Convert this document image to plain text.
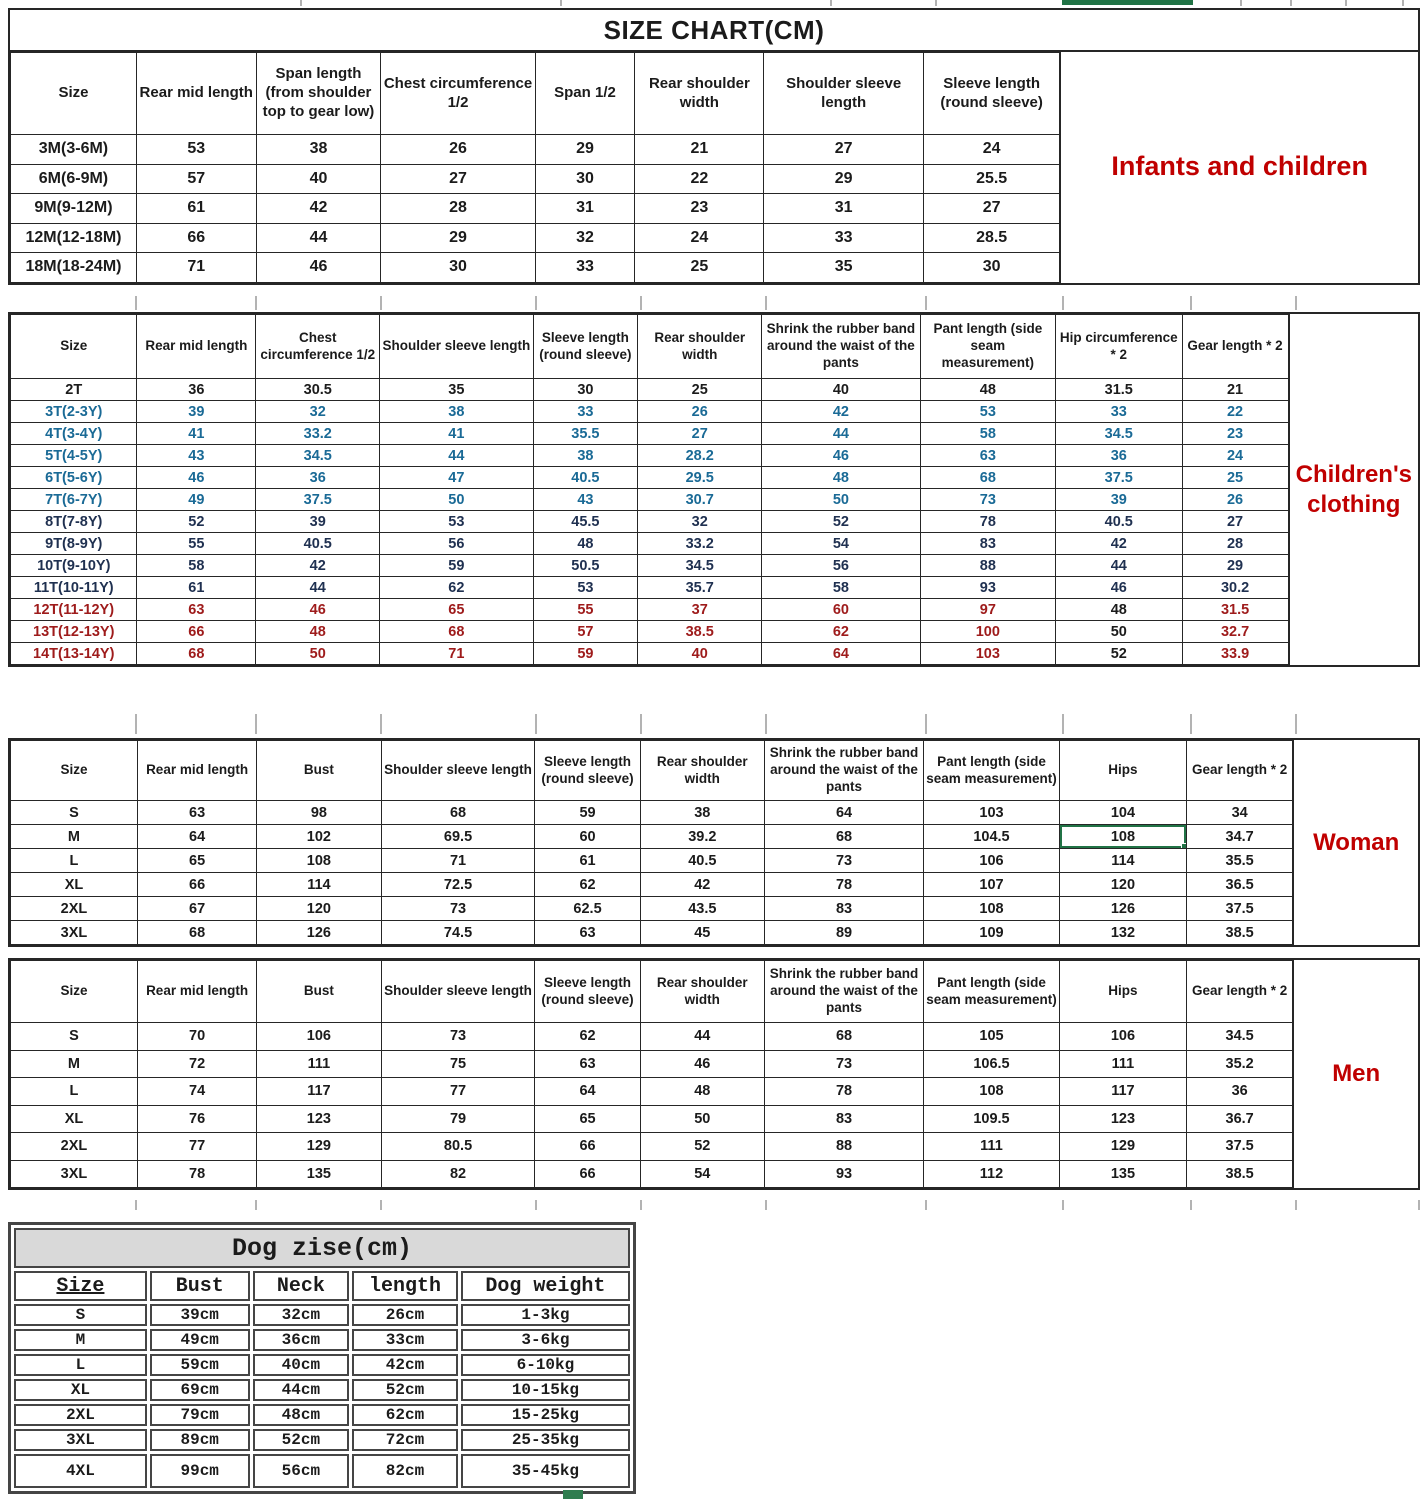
SIZE CHART(CM)
Size	Rear mid length	Span length (from shoulder top to gear low)	Chest circumference 1/2	Span 1/2	Rear shoulder width	Shoulder sleeve length	Sleeve length (round sleeve)
3M(3-6M)	53	38	26	29	21	27	24
6M(6-9M)	57	40	27	30	22	29	25.5
9M(9-12M)	61	42	28	31	23	31	27
12M(12-18M)	66	44	29	32	24	33	28.5
18M(18-24M)	71	46	30	33	25	35	30
Infants and children
Size	Rear mid length	Chest circumference 1/2	Shoulder sleeve length	Sleeve length (round sleeve)	Rear shoulder width	Shrink the rubber band around the waist of the pants	Pant length (side seam measurement)	Hip circumference * 2	Gear length * 2
2T	36	30.5	35	30	25	40	48	31.5	21
3T(2-3Y)	39	32	38	33	26	42	53	33	22
4T(3-4Y)	41	33.2	41	35.5	27	44	58	34.5	23
5T(4-5Y)	43	34.5	44	38	28.2	46	63	36	24
6T(5-6Y)	46	36	47	40.5	29.5	48	68	37.5	25
7T(6-7Y)	49	37.5	50	43	30.7	50	73	39	26
8T(7-8Y)	52	39	53	45.5	32	52	78	40.5	27
9T(8-9Y)	55	40.5	56	48	33.2	54	83	42	28
10T(9-10Y)	58	42	59	50.5	34.5	56	88	44	29
11T(10-11Y)	61	44	62	53	35.7	58	93	46	30.2
12T(11-12Y)	63	46	65	55	37	60	97	48	31.5
13T(12-13Y)	66	48	68	57	38.5	62	100	50	32.7
14T(13-14Y)	68	50	71	59	40	64	103	52	33.9
Children's clothing
Size	Rear mid length	Bust	Shoulder sleeve length	Sleeve length (round sleeve)	Rear shoulder width	Shrink the rubber band around the waist of the pants	Pant length (side seam measurement)	Hips	Gear length * 2
S	63	98	68	59	38	64	103	104	34
M	64	102	69.5	60	39.2	68	104.5	108	34.7
L	65	108	71	61	40.5	73	106	114	35.5
XL	66	114	72.5	62	42	78	107	120	36.5
2XL	67	120	73	62.5	43.5	83	108	126	37.5
3XL	68	126	74.5	63	45	89	109	132	38.5
Woman
Size	Rear mid length	Bust	Shoulder sleeve length	Sleeve length (round sleeve)	Rear shoulder width	Shrink the rubber band around the waist of the pants	Pant length (side seam measurement)	Hips	Gear length * 2
S	70	106	73	62	44	68	105	106	34.5
M	72	111	75	63	46	73	106.5	111	35.2
L	74	117	77	64	48	78	108	117	36
XL	76	123	79	65	50	83	109.5	123	36.7
2XL	77	129	80.5	66	52	88	111	129	37.5
3XL	78	135	82	66	54	93	112	135	38.5
Men
Dog zise(cm)				
Size	Bust	Neck	length	Dog weight
S	39cm	32cm	26cm	1-3kg
M	49cm	36cm	33cm	3-6kg
L	59cm	40cm	42cm	6-10kg
XL	69cm	44cm	52cm	10-15kg
2XL	79cm	48cm	62cm	15-25kg
3XL	89cm	52cm	72cm	25-35kg
4XL	99cm	56cm	82cm	35-45kg
